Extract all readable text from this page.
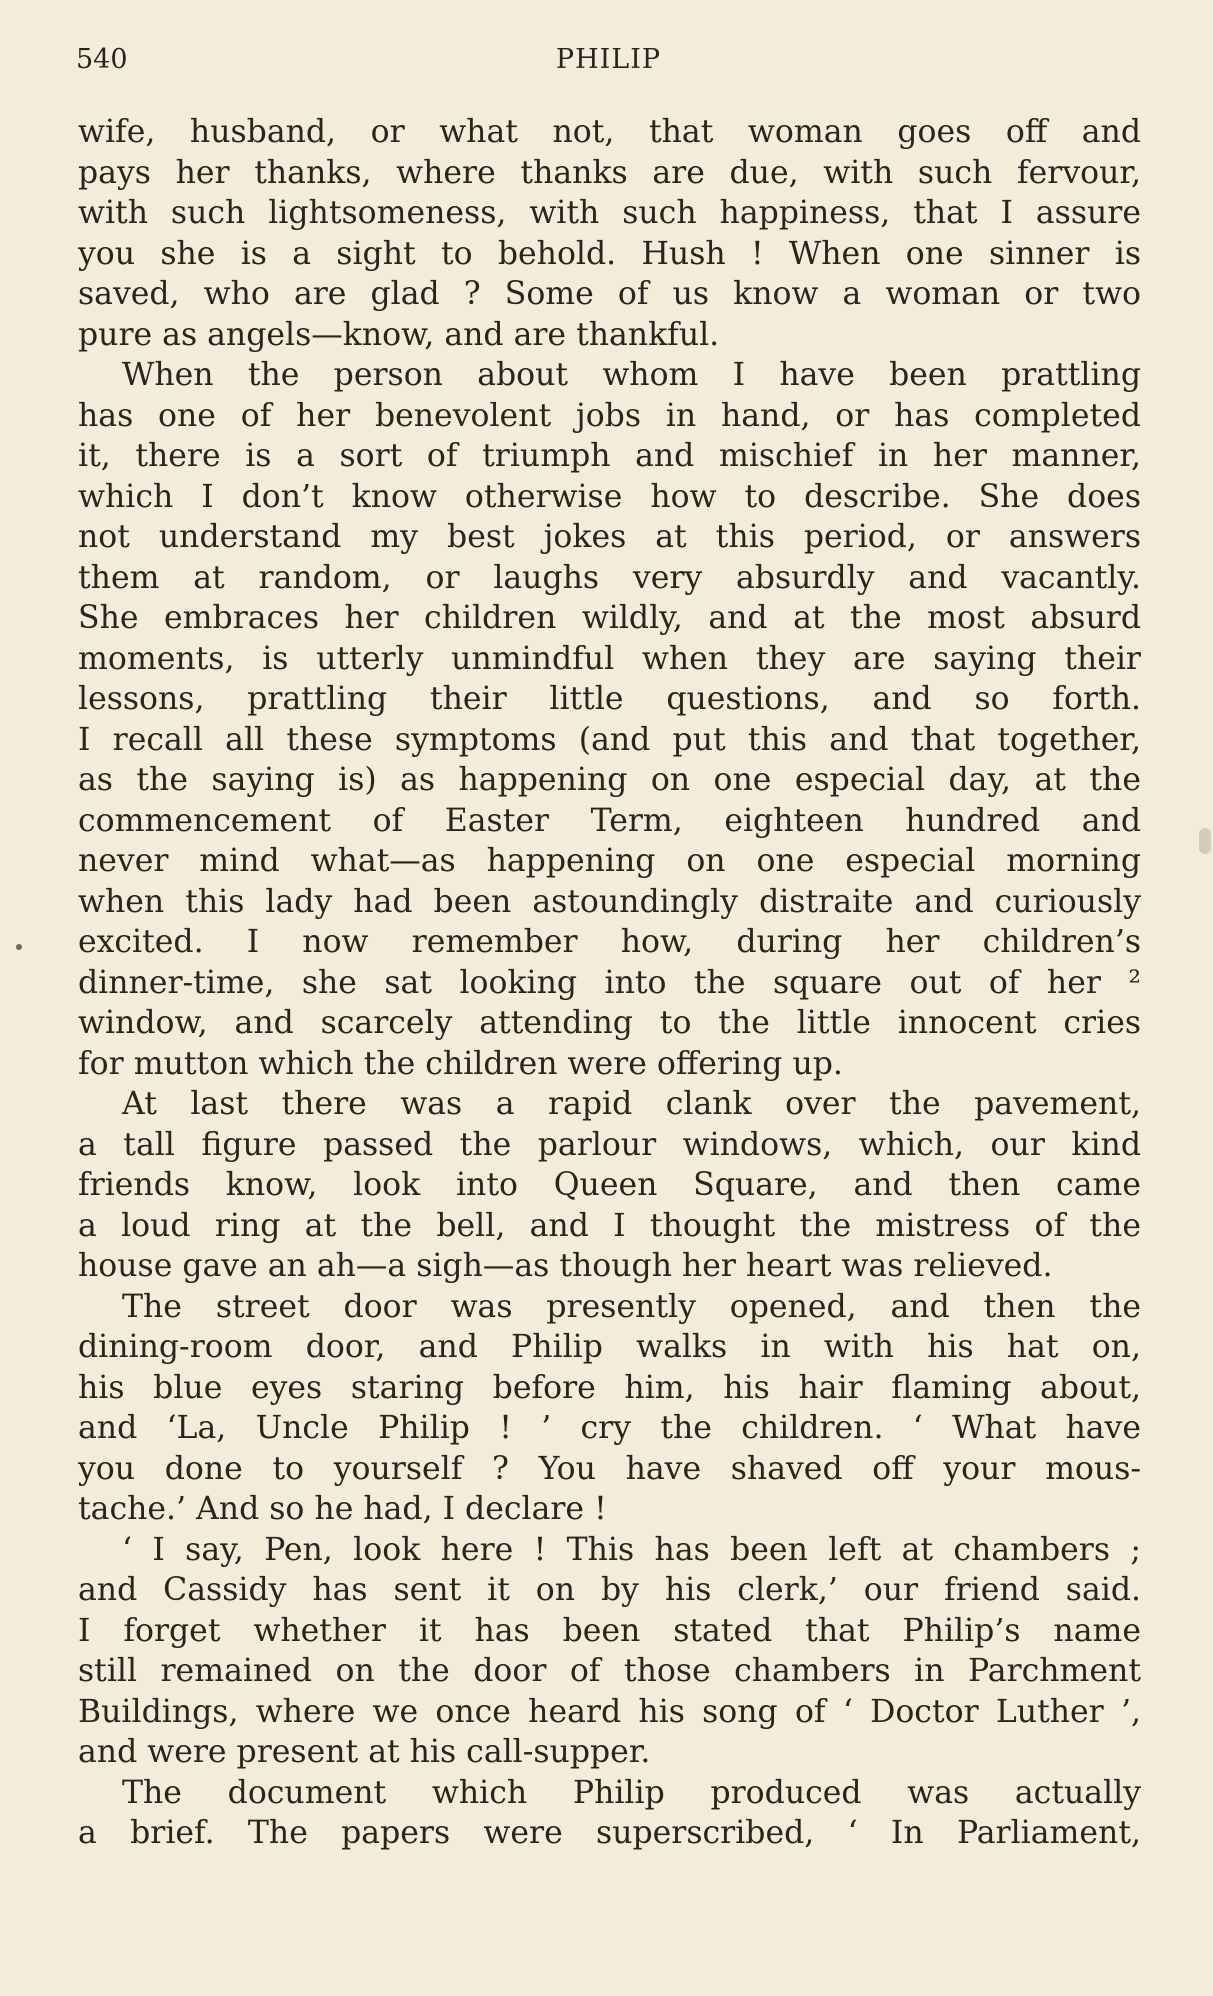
540	PHILIP
wife, husband, or what not, that woman goes off and
pays her thanks, where thanks are due, with such fervour,
with such lightsomeness, with such happiness, that I assure
you she is a sight to behold. Hush ! When one sinner is
saved, who are glad ? Some of us know a woman or two
pure as angels—know, and are thankful.
When the person about whom I have been prattling
has one of her benevolent jobs in hand, or has completed
it, there is a sort of triumph and mischief in her manner,
which I don’t know otherwise how to describe. She does
not understand my best jokes at this period, or answers
them at random, or laughs very absurdly and vacantly.
She embraces her children wildly, and at the most absurd
moments, is utterly unmindful when they are saying their
lessons, prattling their little questions, and so forth.
I recall all these symptoms (and put this and that together,
as the saying is) as happening on one especial day, at the
commencement of Easter Term, eighteen hundred and
never mind what—as happening on one especial morning
when this lady had been astoundingly distraite and curiously
excited. I now remember how, during her children’s
dinner-time, she sat looking into the square out of her ²
window, and scarcely attending to the little innocent cries
for mutton which the children were offering up.
At last there was a rapid clank over the pavement,
a tall figure passed the parlour windows, which, our kind
friends know, look into Queen Square, and then came
a loud ring at the bell, and I thought the mistress of the
house gave an ah—a sigh—as though her heart was relieved.
The street door was presently opened, and then the
dining-room door, and Philip walks in with his hat on,
his blue eyes staring before him, his hair flaming about,
and ‘La, Uncle Philip ! ’ cry the children. ‘ What have
you done to yourself ? You have shaved off your mous-
tache.’ And so he had, I declare !
‘ I say, Pen, look here ! This has been left at chambers ;
and Cassidy has sent it on by his clerk,’ our friend said.
I forget whether it has been stated that Philip’s name
still remained on the door of those chambers in Parchment
Buildings, where we once heard his song of ‘ Doctor Luther ’,
and were present at his call-supper.
The document which Philip produced was actually
a brief. The papers were superscribed, ‘ In Parliament,
